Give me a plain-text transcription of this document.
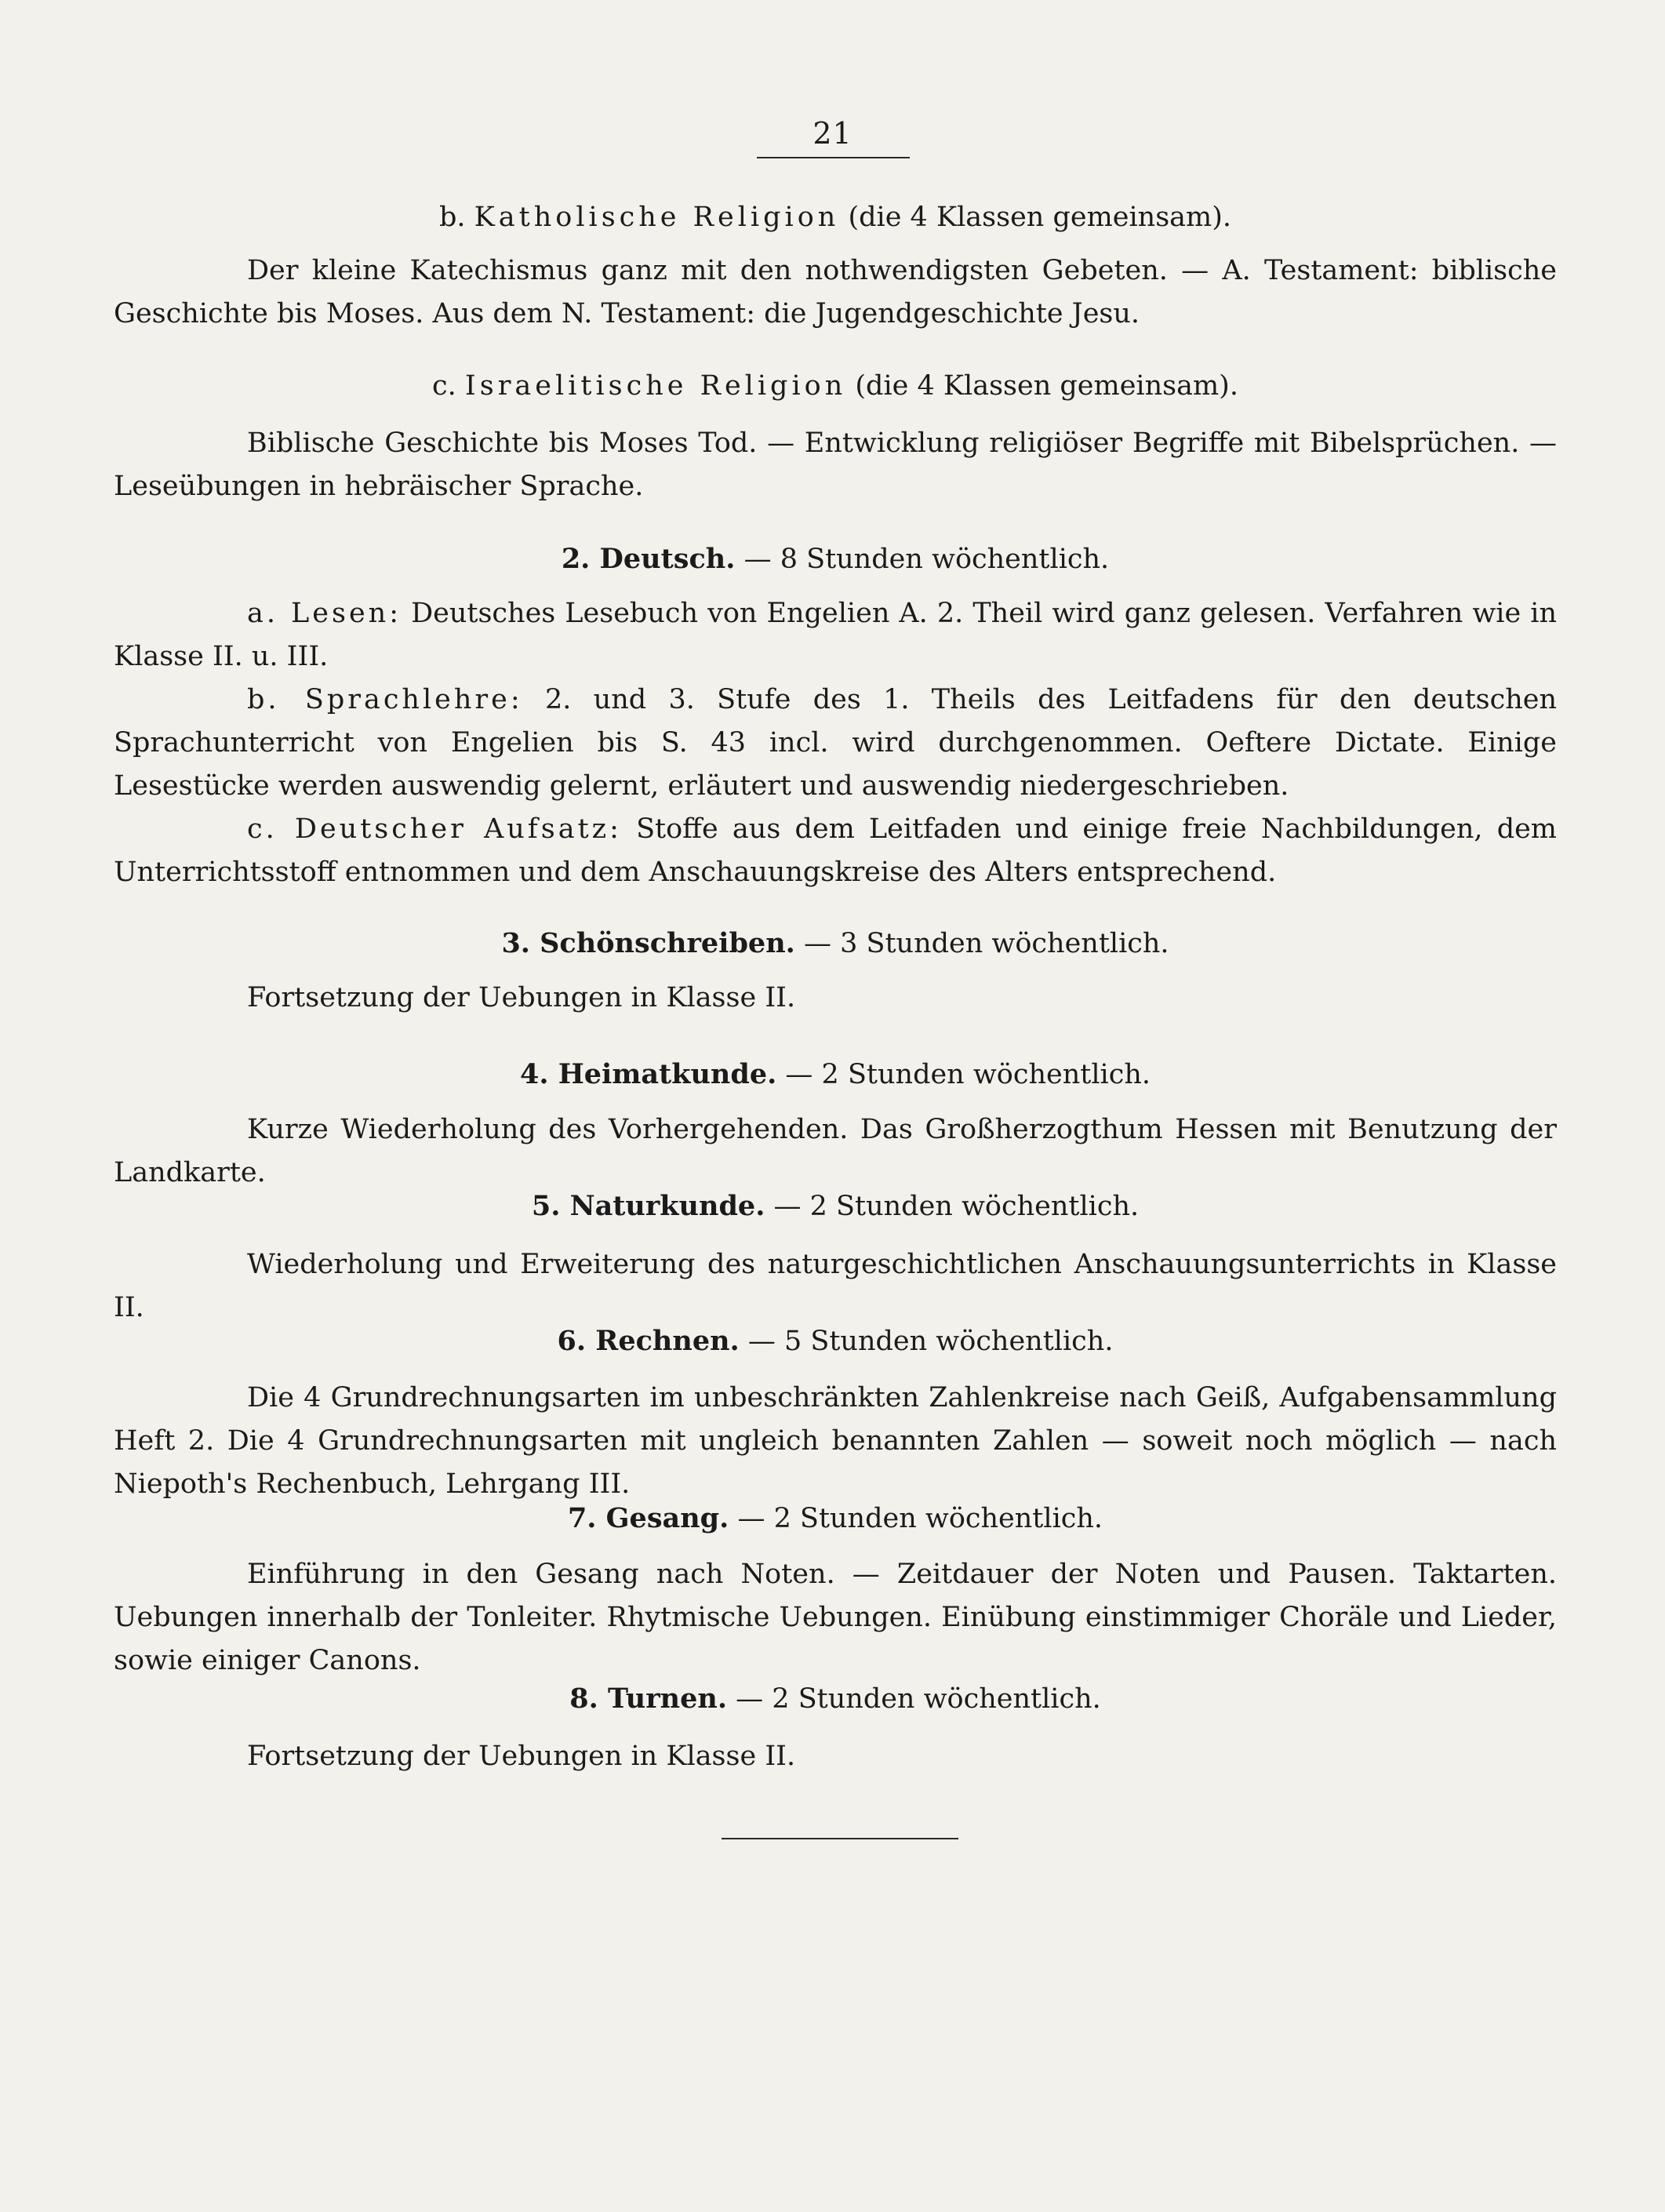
21
b. Katholische Religion (die 4 Klassen gemeinsam).
Der kleine Katechismus ganz mit den nothwendigsten Gebeten. — A. Testament: biblische Geschichte bis Moses. Aus dem N. Testament: die Jugendgeschichte Jesu.
c. Israelitische Religion (die 4 Klassen gemeinsam).
Biblische Geschichte bis Moses Tod. — Entwicklung religiöser Begriffe mit Bibelsprüchen. — Leseübungen in hebräischer Sprache.
2. Deutsch. — 8 Stunden wöchentlich.
a. Lesen: Deutsches Lesebuch von Engelien A. 2. Theil wird ganz gelesen. Verfahren wie in Klasse II. u. III.
b. Sprachlehre: 2. und 3. Stufe des 1. Theils des Leitfadens für den deutschen Sprachunterricht von Engelien bis S. 43 incl. wird durchgenommen. Oeftere Dictate. Einige Lesestücke werden auswendig gelernt, erläutert und auswendig niedergeschrieben.
c. Deutscher Aufsatz: Stoffe aus dem Leitfaden und einige freie Nachbildungen, dem Unterrichtsstoff entnommen und dem Anschauungskreise des Alters entsprechend.
3. Schönschreiben. — 3 Stunden wöchentlich.
Fortsetzung der Uebungen in Klasse II.
4. Heimatkunde. — 2 Stunden wöchentlich.
Kurze Wiederholung des Vorhergehenden. Das Großherzogthum Hessen mit Benutzung der Landkarte.
5. Naturkunde. — 2 Stunden wöchentlich.
Wiederholung und Erweiterung des naturgeschichtlichen Anschauungsunterrichts in Klasse II.
6. Rechnen. — 5 Stunden wöchentlich.
Die 4 Grundrechnungsarten im unbeschränkten Zahlenkreise nach Geiß, Aufgabensammlung Heft 2. Die 4 Grundrechnungsarten mit ungleich benannten Zahlen — soweit noch möglich — nach Niepoth's Rechenbuch, Lehrgang III.
7. Gesang. — 2 Stunden wöchentlich.
Einführung in den Gesang nach Noten. — Zeitdauer der Noten und Pausen. Taktarten. Uebungen innerhalb der Tonleiter. Rhytmische Uebungen. Einübung einstimmiger Choräle und Lieder, sowie einiger Canons.
8. Turnen. — 2 Stunden wöchentlich.
Fortsetzung der Uebungen in Klasse II.
